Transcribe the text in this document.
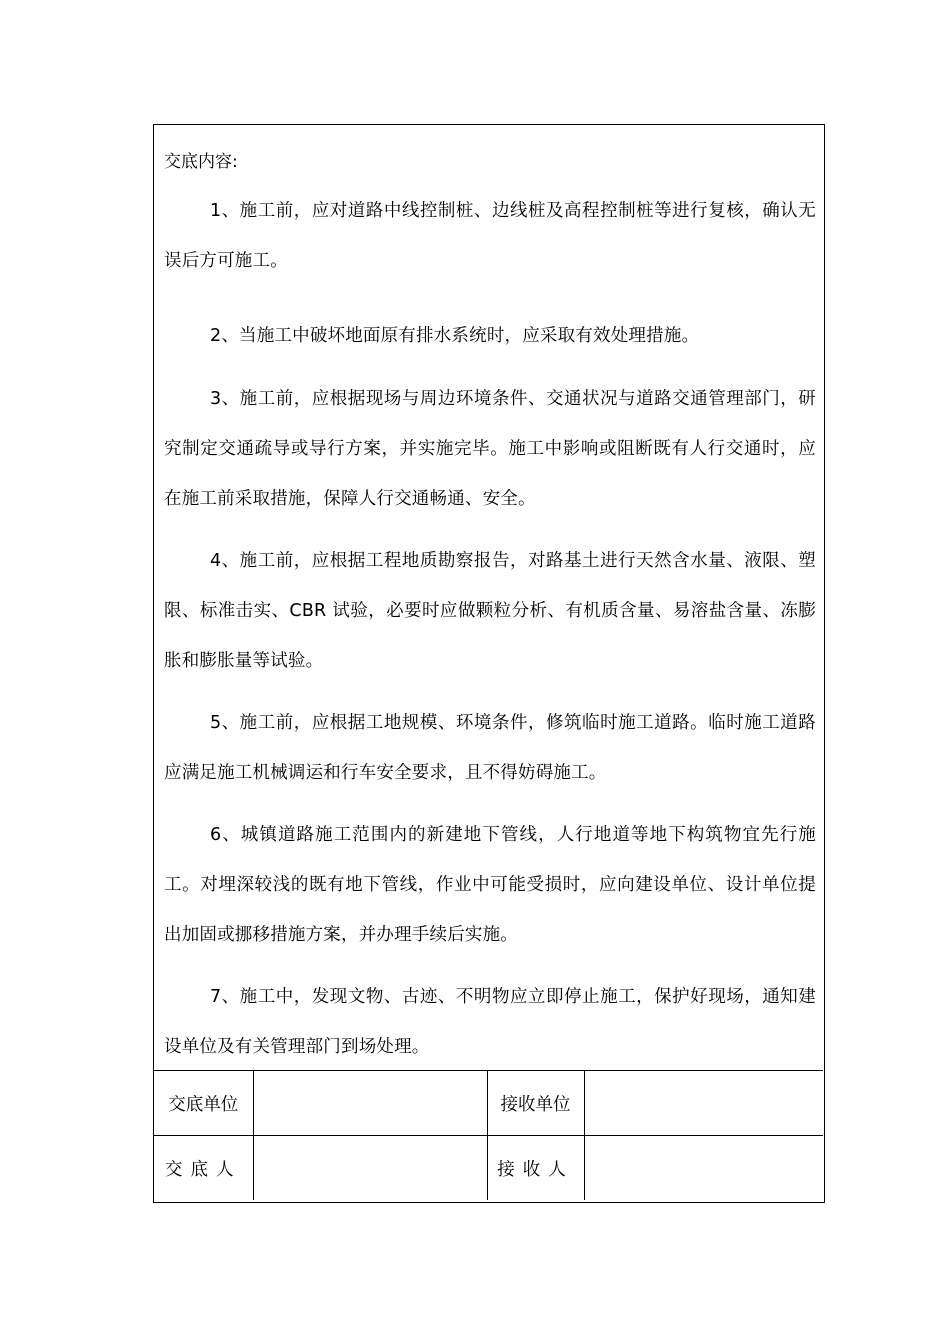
交底内容:

1、施工前，应对道路中线控制桩、边线桩及高程控制桩等进行复核，确认无误后方可施工。

2、当施工中破坏地面原有排水系统时，应采取有效处理措施。

3、施工前，应根据现场与周边环境条件、交通状况与道路交通管理部门，研究制定交通疏导或导行方案，并实施完毕。施工中影响或阻断既有人行交通时，应在施工前采取措施，保障人行交通畅通、安全。

4、施工前，应根据工程地质勘察报告，对路基土进行天然含水量、液限、塑限、标准击实、CBR 试验，必要时应做颗粒分析、有机质含量、易溶盐含量、冻膨胀和膨胀量等试验。

5、施工前，应根据工地规模、环境条件，修筑临时施工道路。临时施工道路应满足施工机械调运和行车安全要求，且不得妨碍施工。

6、城镇道路施工范围内的新建地下管线，人行地道等地下构筑物宜先行施工。对埋深较浅的既有地下管线，作业中可能受损时，应向建设单位、设计单位提出加固或挪移措施方案，并办理手续后实施。

7、施工中，发现文物、古迹、不明物应立即停止施工，保护好现场，通知建设单位及有关管理部门到场处理。

交底单位		接收单位	
交底人		接收人	
